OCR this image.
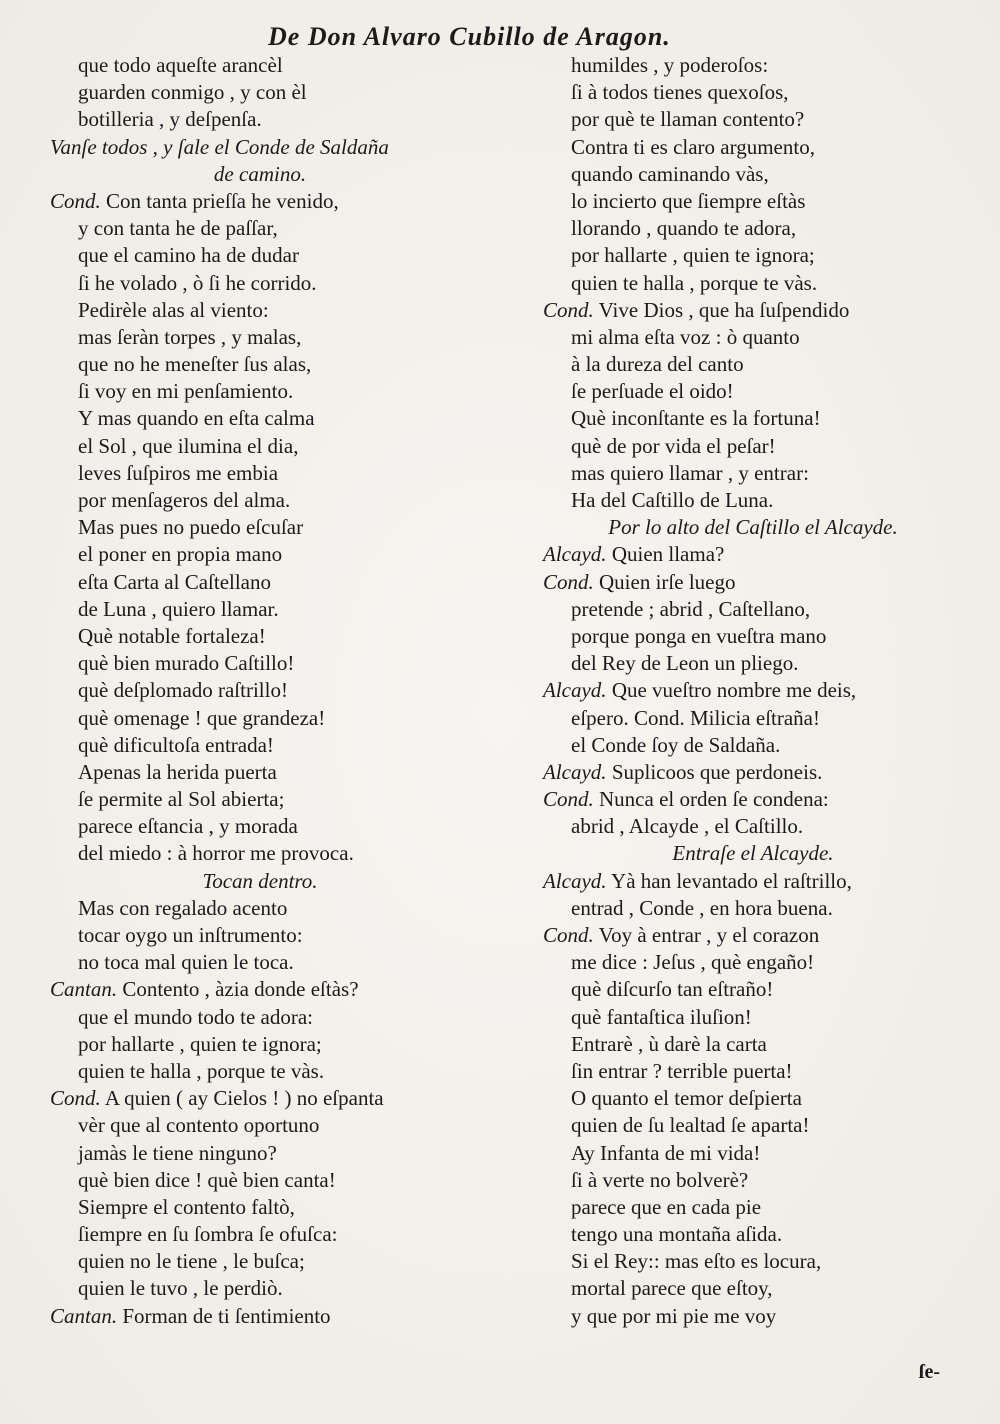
De Don Alvaro Cubillo de Aragon.
que todo aqueſte arancèl
guarden conmigo , y con èl
botilleria , y deſpenſa.
Vanſe todos , y ſale el Conde de Saldaña
de camino.
Cond. Con tanta prieſſa he venido,
y con tanta he de paſſar,
que el camino ha de dudar
ſi he volado , ò ſi he corrido.
Pedirèle alas al viento:
mas ſeràn torpes , y malas,
que no he meneſter ſus alas,
ſi voy en mi penſamiento.
Y mas quando en eſta calma
el Sol , que ilumina el dia,
leves ſuſpiros me embia
por menſageros del alma.
Mas pues no puedo eſcuſar
el poner en propia mano
eſta Carta al Caſtellano
de Luna , quiero llamar.
Què notable fortaleza!
què bien murado Caſtillo!
què deſplomado raſtrillo!
què omenage ! que grandeza!
què dificultoſa entrada!
Apenas la herida puerta
ſe permite al Sol abierta;
parece eſtancia , y morada
del miedo : à horror me provoca.
Tocan dentro.
Mas con regalado acento
tocar oygo un inſtrumento:
no toca mal quien le toca.
Cantan. Contento , àzia donde eſtàs?
que el mundo todo te adora:
por hallarte , quien te ignora;
quien te halla , porque te vàs.
Cond. A quien ( ay Cielos ! ) no eſpanta
vèr que al contento oportuno
jamàs le tiene ninguno?
què bien dice ! què bien canta!
Siempre el contento faltò,
ſiempre en ſu ſombra ſe ofuſca:
quien no le tiene , le buſca;
quien le tuvo , le perdiò.
Cantan. Forman de ti ſentimiento
humildes , y poderoſos:
ſi à todos tienes quexoſos,
por què te llaman contento?
Contra ti es claro argumento,
quando caminando vàs,
lo incierto que ſiempre eſtàs
llorando , quando te adora,
por hallarte , quien te ignora;
quien te halla , porque te vàs.
Cond. Vive Dios , que ha ſuſpendido
mi alma eſta voz : ò quanto
à la dureza del canto
ſe perſuade el oido!
Què inconſtante es la fortuna!
què de por vida el peſar!
mas quiero llamar , y entrar:
Ha del Caſtillo de Luna.
Por lo alto del Caſtillo el Alcayde.
Alcayd. Quien llama?
Cond. Quien irſe luego
pretende ; abrid , Caſtellano,
porque ponga en vueſtra mano
del Rey de Leon un pliego.
Alcayd. Que vueſtro nombre me deis,
eſpero. Cond. Milicia eſtraña!
el Conde ſoy de Saldaña.
Alcayd. Suplicoos que perdoneis.
Cond. Nunca el orden ſe condena:
abrid , Alcayde , el Caſtillo.
Entraſe el Alcayde.
Alcayd. Yà han levantado el raſtrillo,
entrad , Conde , en hora buena.
Cond. Voy à entrar , y el corazon
me dice : Jeſus , què engaño!
què diſcurſo tan eſtraño!
què fantaſtica iluſion!
Entrarè , ù darè la carta
ſin entrar ? terrible puerta!
O quanto el temor deſpierta
quien de ſu lealtad ſe aparta!
Ay Infanta de mi vida!
ſi à verte no bolverè?
parece que en cada pie
tengo una montaña aſida.
Si el Rey:: mas eſto es locura,
mortal parece que eſtoy,
y que por mi pie me voy
ſe-
